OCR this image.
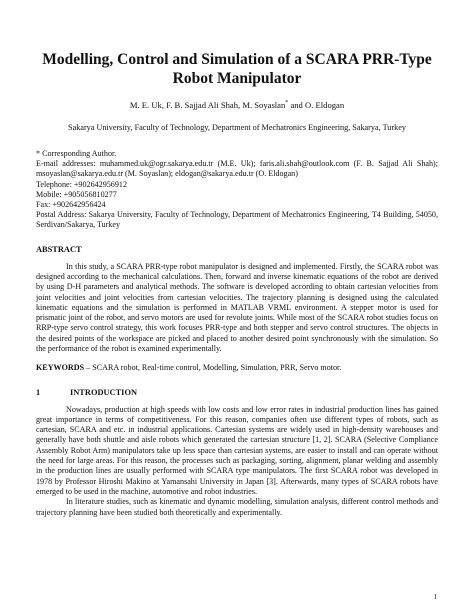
Modelling, Control and Simulation of a SCARA PRR-Type Robot Manipulator
M. E. Uk, F. B. Sajjad Ali Shah, M. Soyaslan* and O. Eldogan
Sakarya University, Faculty of Technology, Department of Mechatronics Engineering, Sakarya, Turkey
* Corresponding Author.
E-mail addresses: muhammed.uk@ogr.sakarya.edu.tr (M.E. Uk); faris.ali.shah@outlook.com (F. B. Sajjad Ali Shah); msoyaslan@sakarya.edu.tr (M. Soyaslan); eldogan@sakarya.edu.tr (O. Eldogan)
Telephone: +902642956912
Mobile: +905056810277
Fax: +902642956424
Postal Address: Sakarya University, Faculty of Technology, Department of Mechatronics Engineering, T4 Building, 54050, Serdivan/Sakarya, Turkey
ABSTRACT

In this study, a SCARA PRR-type robot manipulator is designed and implemented. Firstly, the SCARA robot was designed according to the mechanical calculations. Then, forward and inverse kinematic equations of the robot are derived by using D-H parameters and analytical methods. The software is developed according to obtain cartesian velocities from joint velocities and joint velocities from cartesian velocities. The trajectory planning is designed using the calculated kinematic equations and the simulation is performed in MATLAB VRML environment. A stepper motor is used for prismatic joint of the robot, and servo motors are used for revolute joints. While most of the SCARA robot studies focus on RRP-type servo control strategy, this work focuses PRR-type and both stepper and servo control structures. The objects in the desired points of the workspace are picked and placed to another desired point synchronously with the simulation. So the performance of the robot is examined experimentally.

KEYWORDS – SCARA robot, Real-time control, Modelling, Simulation, PRR, Servo motor.
1	INTRODUCTION

Nowadays, production at high speeds with low costs and low error rates in industrial production lines has gained great importance in terms of competitiveness. For this reason, companies often use different types of robots, such as cartesian, SCARA and etc. in industrial applications. Cartesian systems are widely used in high-density warehouses and generally have both shuttle and aisle robots which generated the cartesian structure [1, 2]. SCARA (Selective Compliance Assembly Robot Arm) manipulators take up less space than cartesian systems, are easier to install and can operate without the need for large areas. For this reason, the processes such as packaging, sorting, alignment, planar welding and assembly in the production lines are usually performed with SCARA type manipulators. The first SCARA robot was developed in 1978 by Professor Hiroshi Makino at Yamansahi University in Japan [3]. Afterwards, many types of SCARA robots have emerged to be used in the machine, automotive and robot industries.

In literature studies, such as kinematic and dynamic modelling, simulation analysis, different control methods and trajectory planning have been studied both theoretically and experimentally.

1
